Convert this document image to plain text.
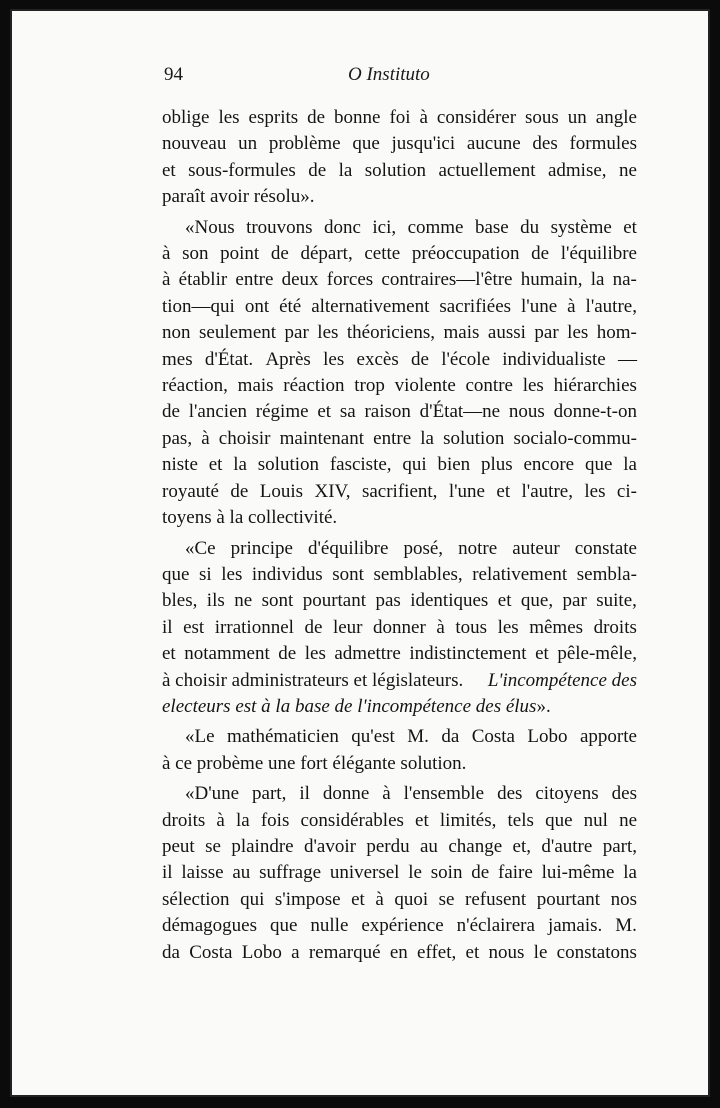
94	O Instituto
oblige les esprits de bonne foi à considérer sous un angle
nouveau un problème que jusqu'ici aucune des formules
et sous-formules de la solution actuellement admise, ne
paraît avoir résolu».
«Nous trouvons donc ici, comme base du système et
à son point de départ, cette préoccupation de l'équilibre
à établir entre deux forces contraires—l'être humain, la na-
tion—qui ont été alternativement sacrifiées l'une à l'autre,
non seulement par les théoriciens, mais aussi par les hom-
mes d'État. Après les excès de l'école individualiste —
réaction, mais réaction trop violente contre les hiérarchies
de l'ancien régime et sa raison d'État—ne nous donne-t-on
pas, à choisir maintenant entre la solution socialo-commu-
niste et la solution fasciste, qui bien plus encore que la
royauté de Louis XIV, sacrifient, l'une et l'autre, les ci-
toyens à la collectivité.
«Ce principe d'équilibre posé, notre auteur constate
que si les individus sont semblables, relativement sembla-
bles, ils ne sont pourtant pas identiques et que, par suite,
il est irrationnel de leur donner à tous les mêmes droits
et notamment de les admettre indistinctement et pêle-mêle,
à choisir administrateurs et législateurs. L'incompétence des
electeurs est à la base de l'incompétence des élus».
«Le mathématicien qu'est M. da Costa Lobo apporte
à ce probème une fort élégante solution.
«D'une part, il donne à l'ensemble des citoyens des
droits à la fois considérables et limités, tels que nul ne
peut se plaindre d'avoir perdu au change et, d'autre part,
il laisse au suffrage universel le soin de faire lui-même la
sélection qui s'impose et à quoi se refusent pourtant nos
démagogues que nulle expérience n'éclairera jamais. M.
da Costa Lobo a remarqué en effet, et nous le constatons
